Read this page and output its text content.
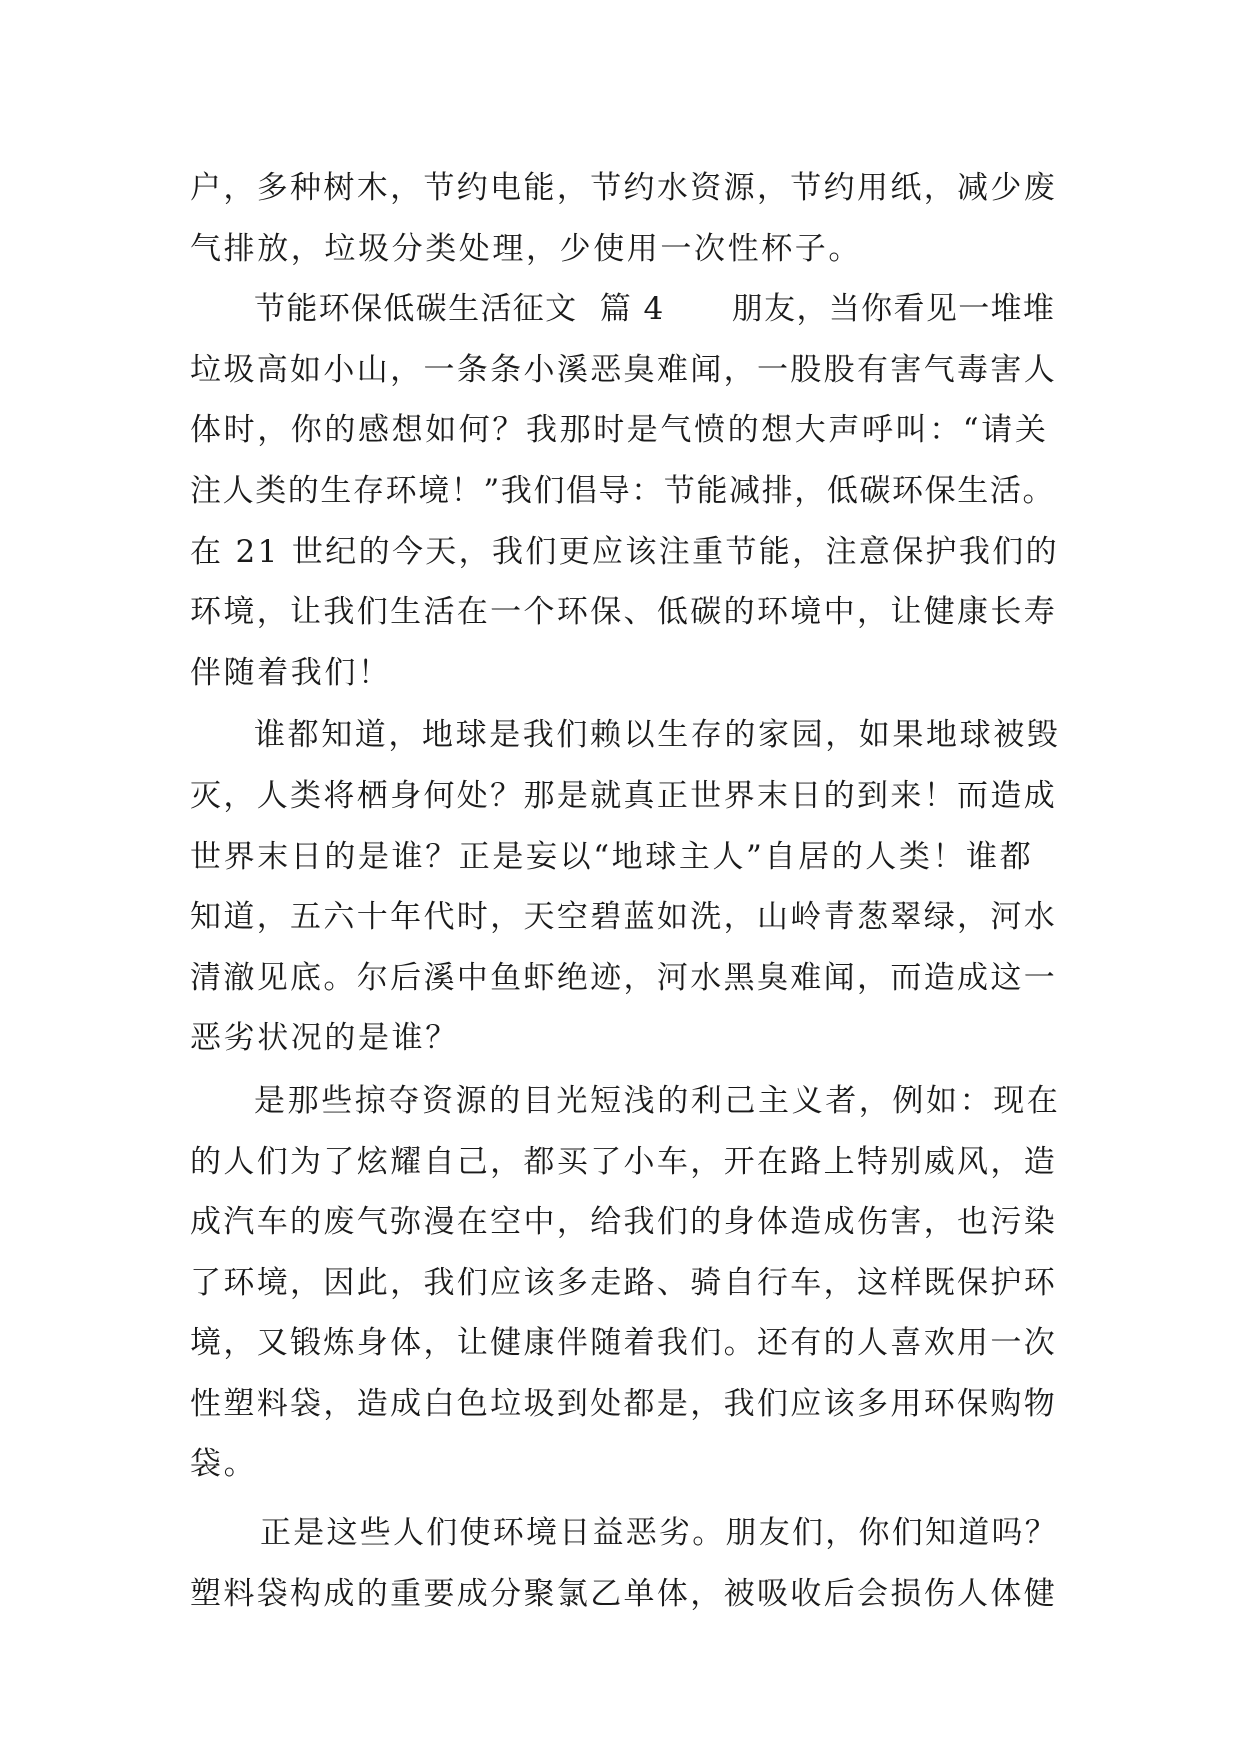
户，多种树木，节约电能，节约水资源，节约用纸，减少废
气排放，垃圾分类处理，少使用一次性杯子。
节能环保低碳生活征文  篇 4      朋友，当你看见一堆堆
垃圾高如小山，一条条小溪恶臭难闻，一股股有害气毒害人
体时，你的感想如何？我那时是气愤的想大声呼叫：“请关
注人类的生存环境！”我们倡导：节能减排，低碳环保生活。
在 21 世纪的今天，我们更应该注重节能，注意保护我们的
环境，让我们生活在一个环保、低碳的环境中，让健康长寿
伴随着我们！
谁都知道，地球是我们赖以生存的家园，如果地球被毁
灭，人类将栖身何处？那是就真正世界末日的到来！而造成
世界末日的是谁？正是妄以“地球主人”自居的人类！谁都
知道，五六十年代时，天空碧蓝如洗，山岭青葱翠绿，河水
清澈见底。尔后溪中鱼虾绝迹，河水黑臭难闻，而造成这一
恶劣状况的是谁？
是那些掠夺资源的目光短浅的利己主义者，例如：现在
的人们为了炫耀自己，都买了小车，开在路上特别威风，造
成汽车的废气弥漫在空中，给我们的身体造成伤害，也污染
了环境，因此，我们应该多走路、骑自行车，这样既保护环
境，又锻炼身体，让健康伴随着我们。还有的人喜欢用一次
性塑料袋，造成白色垃圾到处都是，我们应该多用环保购物
袋。
正是这些人们使环境日益恶劣。朋友们，你们知道吗？
塑料袋构成的重要成分聚氯乙单体，被吸收后会损伤人体健
